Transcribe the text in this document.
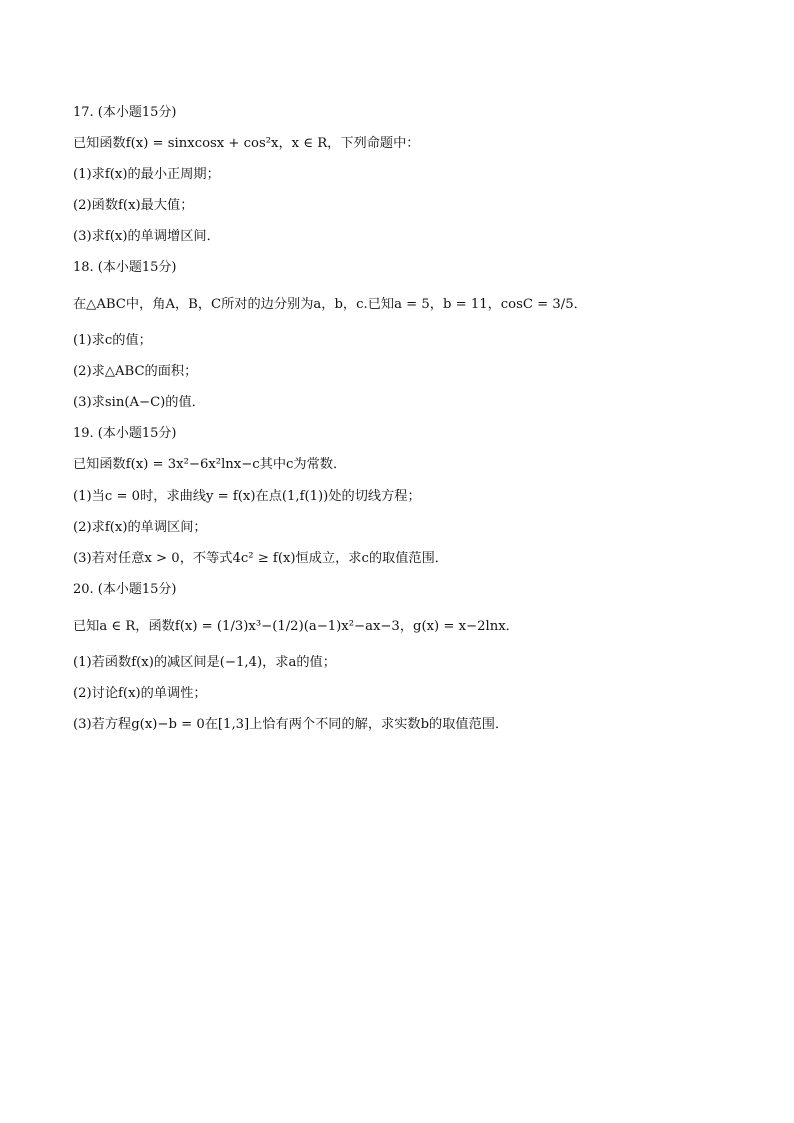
17. (本小题15分)
已知函数f(x) = sinxcosx + cos²x，x ∈ R，下列命题中：
(1)求f(x)的最小正周期；
(2)函数f(x)最大值；
(3)求f(x)的单调增区间．
18. (本小题15分)
在△ABC中，角A，B，C所对的边分别为a，b，c.已知a = 5，b = 11，cosC = 3/5．
(1)求c的值；
(2)求△ABC的面积；
(3)求sin(A−C)的值．
19. (本小题15分)
已知函数f(x) = 3x²−6x²lnx−c其中c为常数．
(1)当c = 0时，求曲线y = f(x)在点(1,f(1))处的切线方程；
(2)求f(x)的单调区间；
(3)若对任意x > 0，不等式4c² ≥ f(x)恒成立，求c的取值范围．
20. (本小题15分)
已知a ∈ R，函数f(x) = (1/3)x³−(1/2)(a−1)x²−ax−3，g(x) = x−2lnx．
(1)若函数f(x)的减区间是(−1,4)，求a的值；
(2)讨论f(x)的单调性；
(3)若方程g(x)−b = 0在[1,3]上恰有两个不同的解，求实数b的取值范围．
